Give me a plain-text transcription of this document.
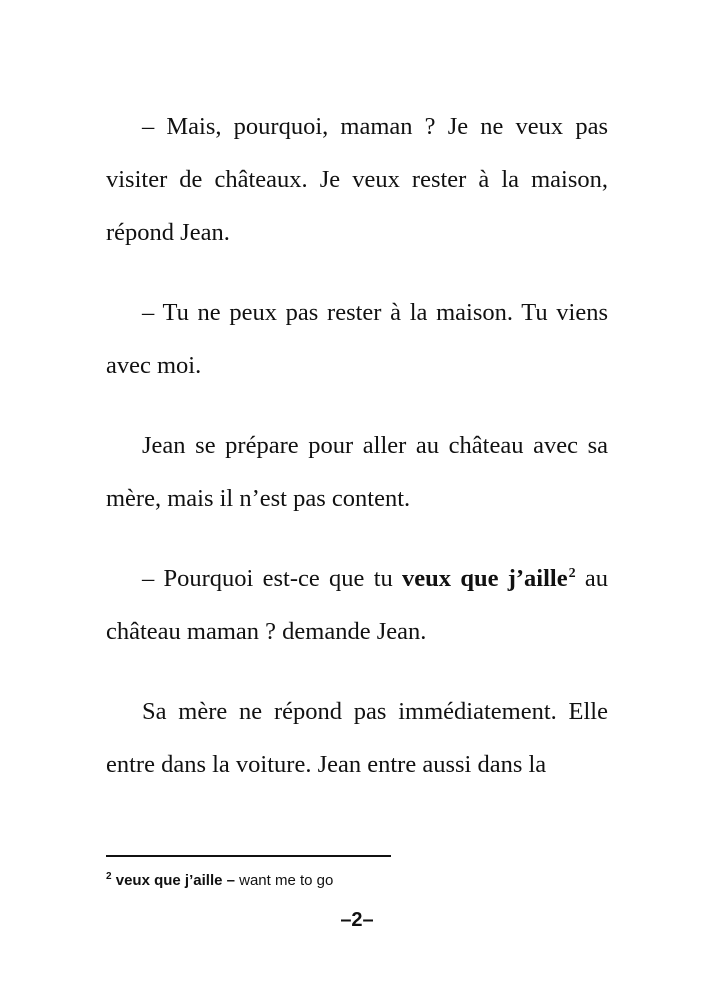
– Mais, pourquoi, maman ? Je ne veux pas visiter de châteaux. Je veux rester à la maison, répond Jean.

– Tu ne peux pas rester à la maison. Tu viens avec moi.

Jean se prépare pour aller au château avec sa mère, mais il n’est pas content.

– Pourquoi est-ce que tu veux que j’aille$^2$ au château maman ? demande Jean.

Sa mère ne répond pas immédiatement. Elle entre dans la voiture. Jean entre aussi dans la

$^2$ veux que j’aille – want me to go
–2–
